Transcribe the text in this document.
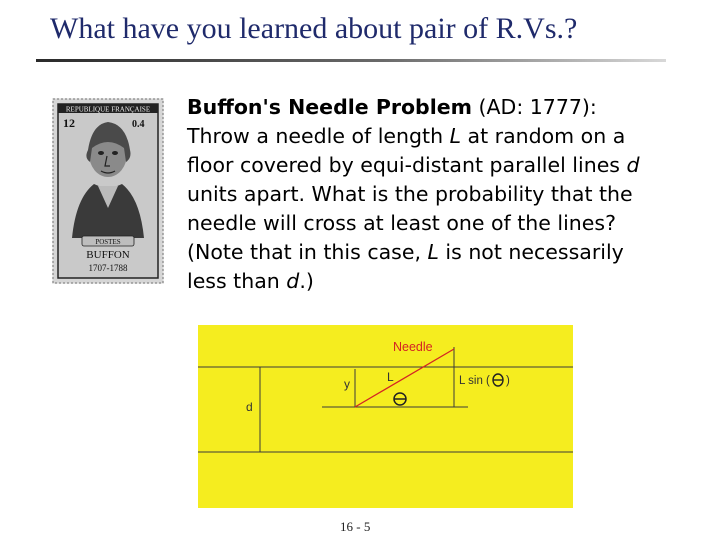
What have you learned about pair of R.Vs.?
REPUBLIQUE FRANÇAISE
12	0.4
POSTES
BUFFON
1707-1788
Buffon's Needle Problem (AD: 1777):
Throw a needle of length L at random on a floor covered by equi-distant parallel lines d units apart. What is the probability that the needle will cross at least one of the lines? (Note that in this case, L is not necessarily less than d.)
Needle
y	L
d
L sin ( )
16 - 5
